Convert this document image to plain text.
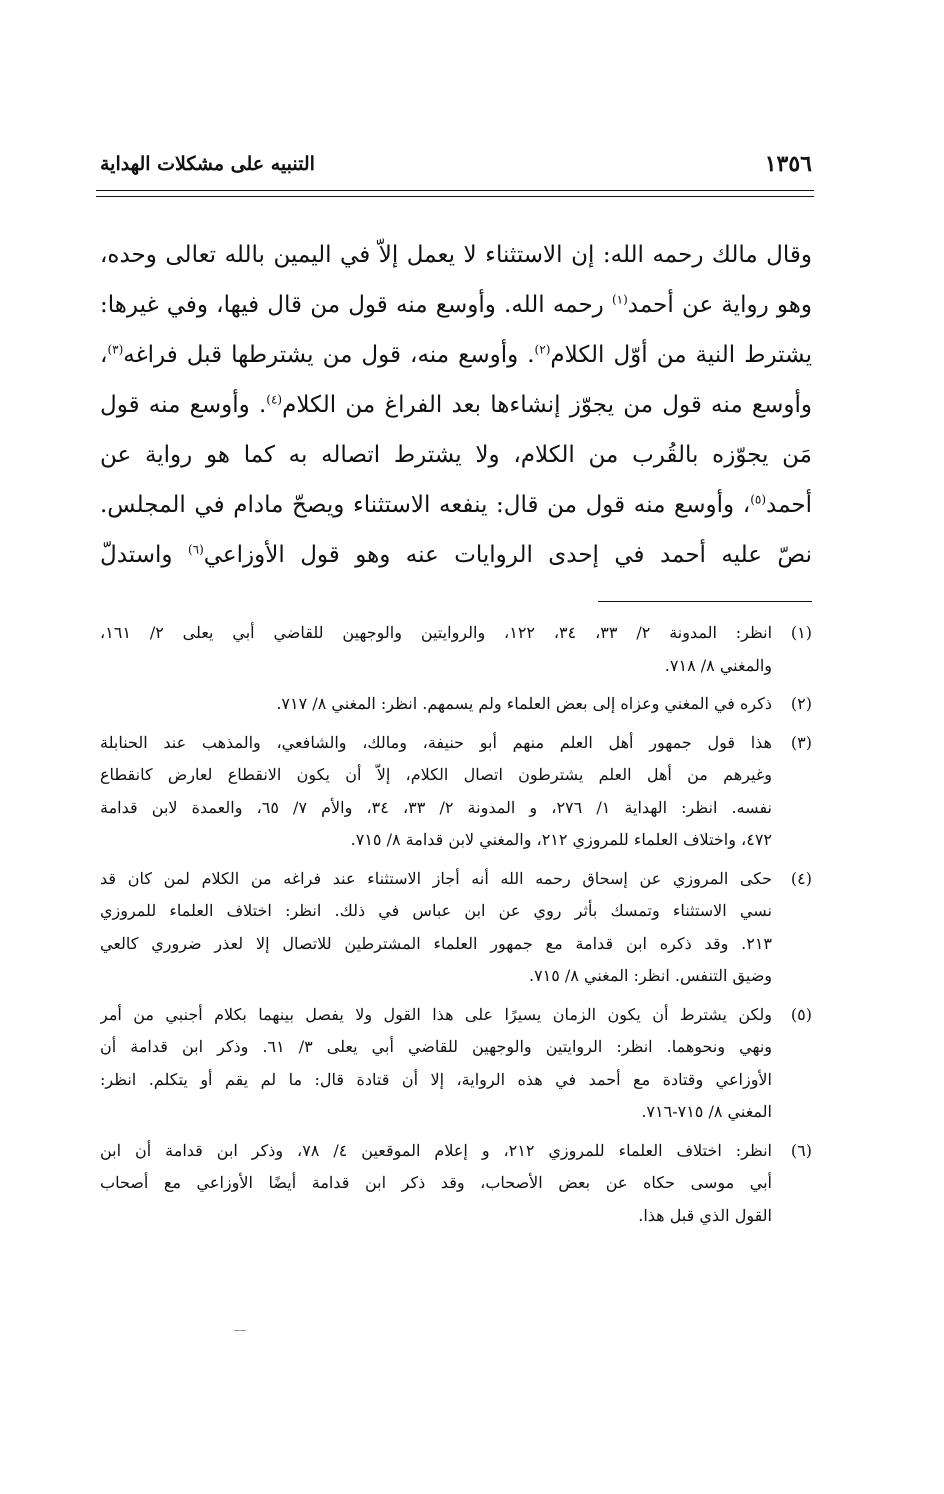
التنبيه على مشكلات الهداية	١٣٥٦
وقال مالك رحمه الله: إن الاستثناء لا يعمل إلاّ في اليمين بالله تعالى وحده،
وهو رواية عن أحمد$^{(١)}$ رحمه الله. وأوسع منه قول من قال فيها، وفي غيرها:
يشترط النية من أوّل الكلام$^{(٢)}$. وأوسع منه، قول من يشترطها قبل فراغه$^{(٣)}$،
وأوسع منه قول من يجوّز إنشاءها بعد الفراغ من الكلام$^{(٤)}$. وأوسع منه قول
مَن يجوّزه بالقُرب من الكلام، ولا يشترط اتصاله به كما هو رواية عن
أحمد$^{(٥)}$، وأوسع منه قول من قال: ينفعه الاستثناء ويصحّ مادام في المجلس.
نصّ عليه أحمد في إحدى الروايات عنه وهو قول الأوزاعي$^{(٦)}$ واستدلّ
(١)
انظر: المدونة ٢/ ٣٣، ٣٤، ١٢٢، والروايتين والوجهين للقاضي أبي يعلى ٢/ ١٦١،
والمغني ٨/ ٧١٨.
(٢)
ذكره في المغني وعزاه إلى بعض العلماء ولم يسمهم. انظر: المغني ٨/ ٧١٧.
(٣)
هذا قول جمهور أهل العلم منهم أبو حنيفة، ومالك، والشافعي، والمذهب عند الحنابلة
وغيرهم من أهل العلم يشترطون اتصال الكلام، إلاّ أن يكون الانقطاع لعارض كانقطاع
نفسه. انظر: الهداية ١/ ٢٧٦، و المدونة ٢/ ٣٣، ٣٤، والأم ٧/ ٦٥، والعمدة لابن قدامة
٤٧٢، واختلاف العلماء للمروزي ٢١٢، والمغني لابن قدامة ٨/ ٧١٥.
(٤)
حكى المروزي عن إسحاق رحمه الله أنه أجاز الاستثناء عند فراغه من الكلام لمن كان قد
نسي الاستثناء وتمسك بأثر روي عن ابن عباس في ذلك. انظر: اختلاف العلماء للمروزي
٢١٣. وقد ذكره ابن قدامة مع جمهور العلماء المشترطين للاتصال إلا لعذر ضروري كالعي
وضيق التنفس. انظر: المغني ٨/ ٧١٥.
(٥)
ولكن يشترط أن يكون الزمان يسيرًا على هذا القول ولا يفصل بينهما بكلام أجنبي من أمر
ونهي ونحوهما. انظر: الروايتين والوجهين للقاضي أبي يعلى ٣/ ٦١. وذكر ابن قدامة أن
الأوزاعي وقتادة مع أحمد في هذه الرواية، إلا أن قتادة قال: ما لم يقم أو يتكلم. انظر:
المغني ٨/ ٧١٥-٧١٦.
(٦)
انظر: اختلاف العلماء للمروزي ٢١٢، و إعلام الموقعين ٤/ ٧٨، وذكر ابن قدامة أن ابن
أبي موسى حكاه عن بعض الأصحاب، وقد ذكر ابن قدامة أيضًا الأوزاعي مع أصحاب
القول الذي قبل هذا.
